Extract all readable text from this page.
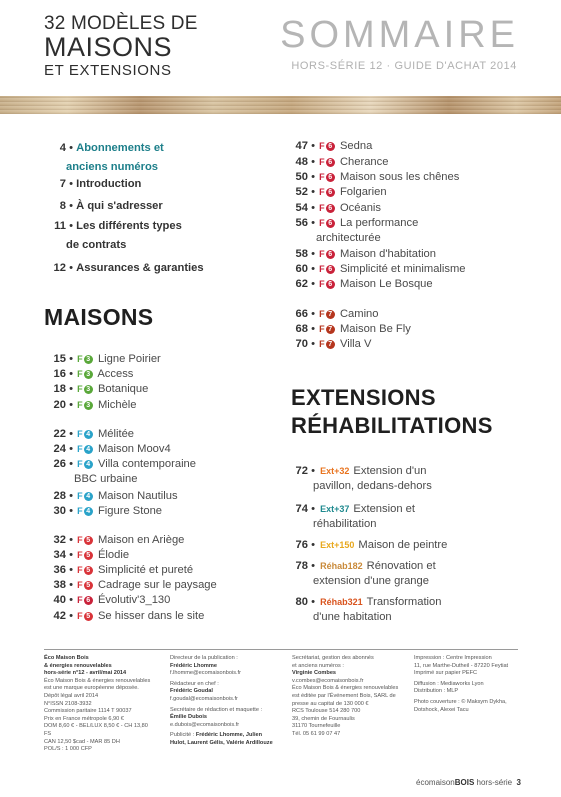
32 MODÈLES DE
MAISONS
ET EXTENSIONS
SOMMAIRE
HORS-SÉRIE 12 · GUIDE D'ACHAT 2014
4 • Abonnements et
anciens numéros
7 • Introduction
8 • À qui s'adresser
11 • Les différents types
de contrats
12 • Assurances & garanties
MAISONS
15 • F 3 Ligne Poirier
16 • F 3 Access
18 • F 3 Botanique
20 • F 3 Michèle
22 • F 4 Mélitée
24 • F 4 Maison Moov4
26 • F 4 Villa contemporaine
BBC urbaine
28 • F 4 Maison Nautilus
30 • F 4 Figure Stone
32 • F 5 Maison en Ariège
34 • F 5 Élodie
36 • F 5 Simplicité et pureté
38 • F 5 Cadrage sur le paysage
40 • F 6 Évolutiv'3_130
42 • F 5 Se hisser dans le site
47 • F 6 Sedna
48 • F 6 Cherance
50 • F 6 Maison sous les chênes
52 • F 6 Folgarien
54 • F 6 Océanis
56 • F 6 La performance
architecturée
58 • F 6 Maison d'habitation
60 • F 6 Simplicité et minimalisme
62 • F 6 Maison Le Bosque
66 • F 7 Camino
68 • F 7 Maison Be Fly
70 • F 7 Villa V
EXTENSIONS
RÉHABILITATIONS
72 • Ext+32 Extension d'un
pavillon, dedans-dehors
74 • Ext+37 Extension et
réhabilitation
76 • Ext+150 Maison de peintre
78 • Réhab182 Rénovation et
extension d'une grange
80 • Réhab321 Transformation
d'une habitation

Éco Maison Bois

& énergies renouvelables

hors-série n°12 - avril/mai 2014

Éco Maison Bois & énergies renouvelables

est une marque européenne déposée.

Dépôt légal avril 2014

N°ISSN 2108-3932

Commission paritaire 1114 T 90037

Prix en France métropole 6,90 €

DOM 8,60 € - BEL/LUX 8,50 € - CH 13,80 FS

CAN 12,50 $cad - MAR 85 DH

POL/S : 1 000 CFP

Directeur de la publication :

Frédéric Lhomme

f.lhomme@ecomaisonbois.fr

Rédacteur en chef :

Frédéric Goudal

f.goudal@ecomaisonbois.fr

Secrétaire de rédaction et maquette :

Émilie Dubois

e.dubois@ecomaisonbois.fr

Publicité : Frédéric Lhomme, Julien

Hulot, Laurent Gélis, Valérie Ardillouze

Secrétariat, gestion des abonnés

et anciens numéros :

Virginie Combes

v.combes@ecomaisonbois.fr

Éco Maison Bois & énergies renouvelables

est éditée par l'Événement Bois, SARL de

presse au capital de 130 000 €

RCS Toulouse 514 280 700

39, chemin de Fournaulis

31170 Tournefeuille

Tél. 05 61 99 07 47

Impression : Centre Impression

11, rue Marthe-Dutheil - 87220 Feytiat

Imprimé sur papier PEFC

Diffusion : Mediaworks Lyon

Distribution : MLP

Photo couverture : © Maksym Dykha,

Dotshock, Alexei Tacu

écomaisonBOIS hors-série 3
